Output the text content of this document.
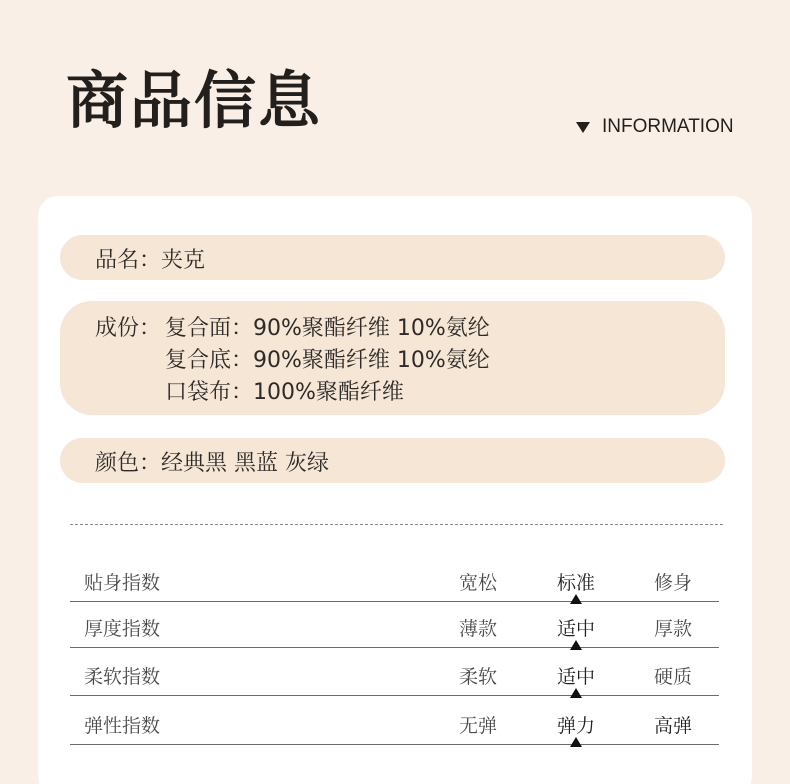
商品信息	INFORMATION
品名：夹克
成份： 复合面：90%聚酯纤维 10%氨纶
复合底：90%聚酯纤维 10%氨纶
口袋布：100%聚酯纤维
颜色：经典黑 黑蓝 灰绿
贴身指数	宽松	标准	修身
厚度指数	薄款	适中	厚款
柔软指数	柔软	适中	硬质
弹性指数	无弹	弹力	高弹
